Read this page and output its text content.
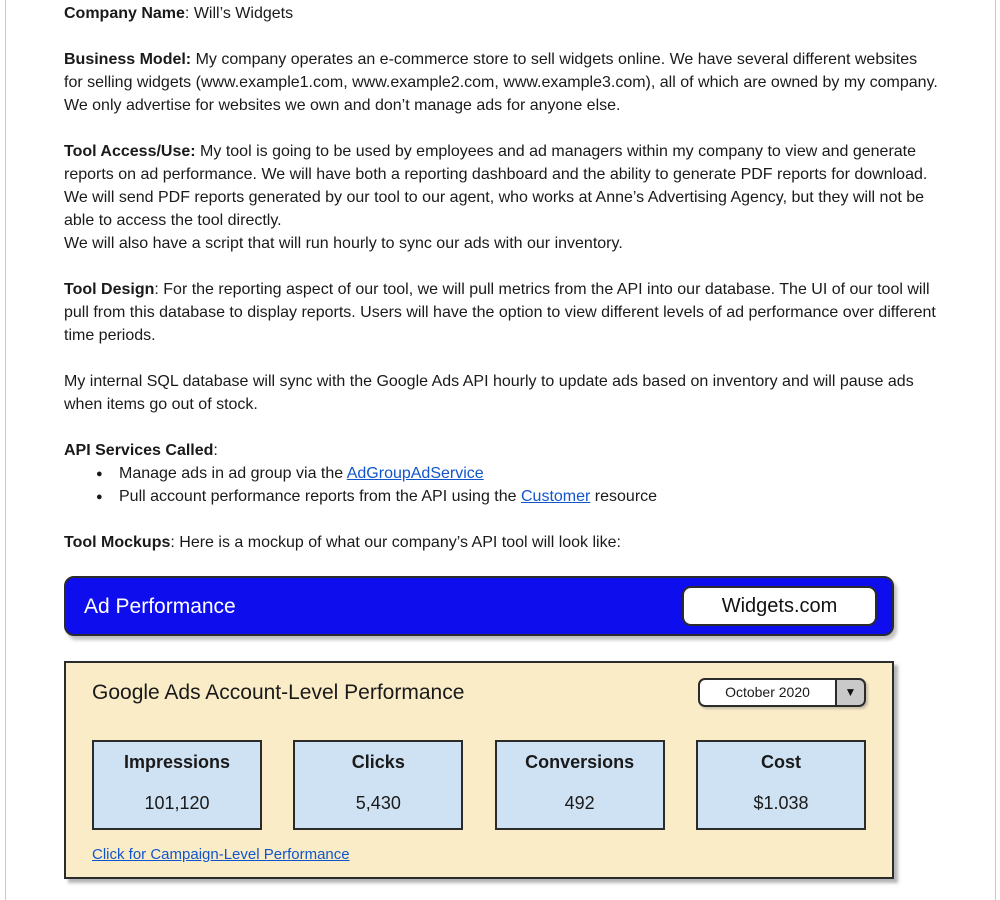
Company Name: Will’s Widgets

Business Model: My company operates an e-commerce store to sell widgets online. We have several different websites for selling widgets (www.example1.com, www.example2.com, www.example3.com), all of which are owned by my company. We only advertise for websites we own and don’t manage ads for anyone else.

Tool Access/Use: My tool is going to be used by employees and ad managers within my company to view and generate reports on ad performance. We will have both a reporting dashboard and the ability to generate PDF reports for download. We will send PDF reports generated by our tool to our agent, who works at Anne’s Advertising Agency, but they will not be able to access the tool directly.
We will also have a script that will run hourly to sync our ads with our inventory.

Tool Design: For the reporting aspect of our tool, we will pull metrics from the API into our database. The UI of our tool will pull from this database to display reports. Users will have the option to view different levels of ad performance over different time periods.

My internal SQL database will sync with the Google Ads API hourly to update ads based on inventory and will pause ads when items go out of stock.

API Services Called:
● Manage ads in ad group via the AdGroupAdService
● Pull account performance reports from the API using the Customer resource

Tool Mockups: Here is a mockup of what our company’s API tool will look like:

Ad Performance	Widgets.com
Google Ads Account-Level Performance	October 2020	▼
Impressions
101,120
Clicks
5,430
Conversions
492
Cost
$1.038
Click for Campaign-Level Performance
